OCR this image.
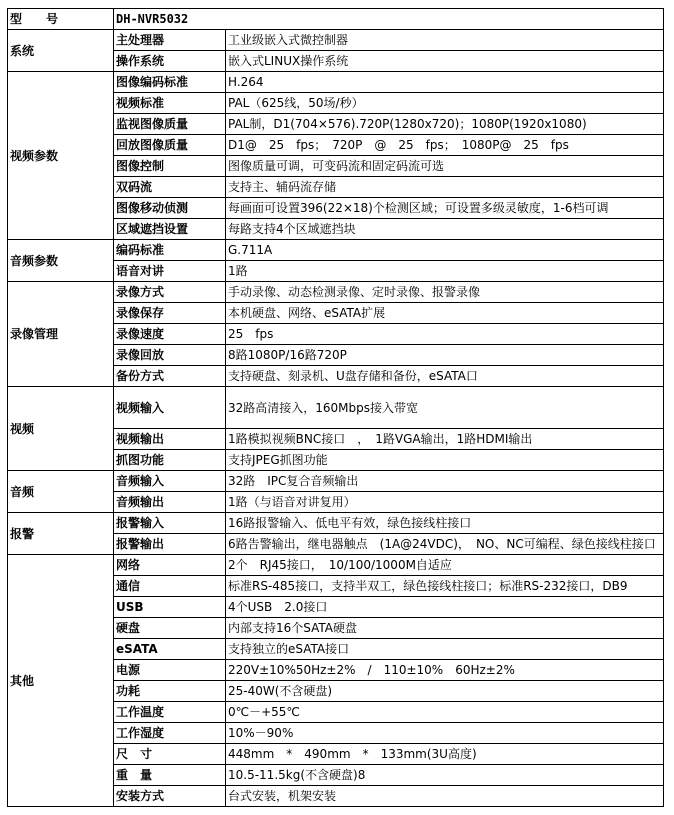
型　　号	DH-NVR5032	
系统	主处理器	工业级嵌入式微控制器
	操作系统	嵌入式LINUX操作系统
视频参数	图像编码标准	H.264
	视频标准	PAL（625线，50场/秒）
	监视图像质量	PAL制，D1(704×576).720P(1280x720)；1080P(1920x1080)
	回放图像质量	D1@　25　fps；　720P　@　25　fps；　1080P@　25　fps
	图像控制	图像质量可调，可变码流和固定码流可选
	双码流	支持主、辅码流存储
	图像移动侦测	每画面可设置396(22×18)个检测区域；可设置多级灵敏度，1-6档可调
	区域遮挡设置	每路支持4个区域遮挡块
音频参数	编码标准	G.711A
	语音对讲	1路
录像管理	录像方式	手动录像、动态检测录像、定时录像、报警录像
	录像保存	本机硬盘、网络、eSATA扩展
	录像速度	25　fps
	录像回放	8路1080P/16路720P
	备份方式	支持硬盘、刻录机、U盘存储和备份，eSATA口
视频	视频输入	32路高清接入，160Mbps接入带宽
	视频输出	1路模拟视频BNC接口　，　1路VGA输出，1路HDMI输出
	抓图功能	支持JPEG抓图功能
音频	音频输入	32路　IPC复合音频输出
	音频输出	1路（与语音对讲复用）
报警	报警输入	16路报警输入、低电平有效，绿色接线柱接口
	报警输出	6路告警输出，继电器触点　(1A@24VDC)，　NO、NC可编程、绿色接线柱接口
其他	网络	2个　RJ45接口，　10/100/1000M自适应
	通信	标准RS-485接口，支持半双工，绿色接线柱接口；标准RS-232接口，DB9
	USB	4个USB　2.0接口
	硬盘	内部支持16个SATA硬盘
	eSATA	支持独立的eSATA接口
	电源	220V±10%50Hz±2%　/　110±10%　60Hz±2%
	功耗	25-40W(不含硬盘)
	工作温度	0℃－+55℃
	工作湿度	10%－90%
	尺　寸	448mm　*　490mm　*　133mm(3U高度)
	重　量	10.5-11.5kg(不含硬盘)8
	安装方式	台式安装，机架安装
